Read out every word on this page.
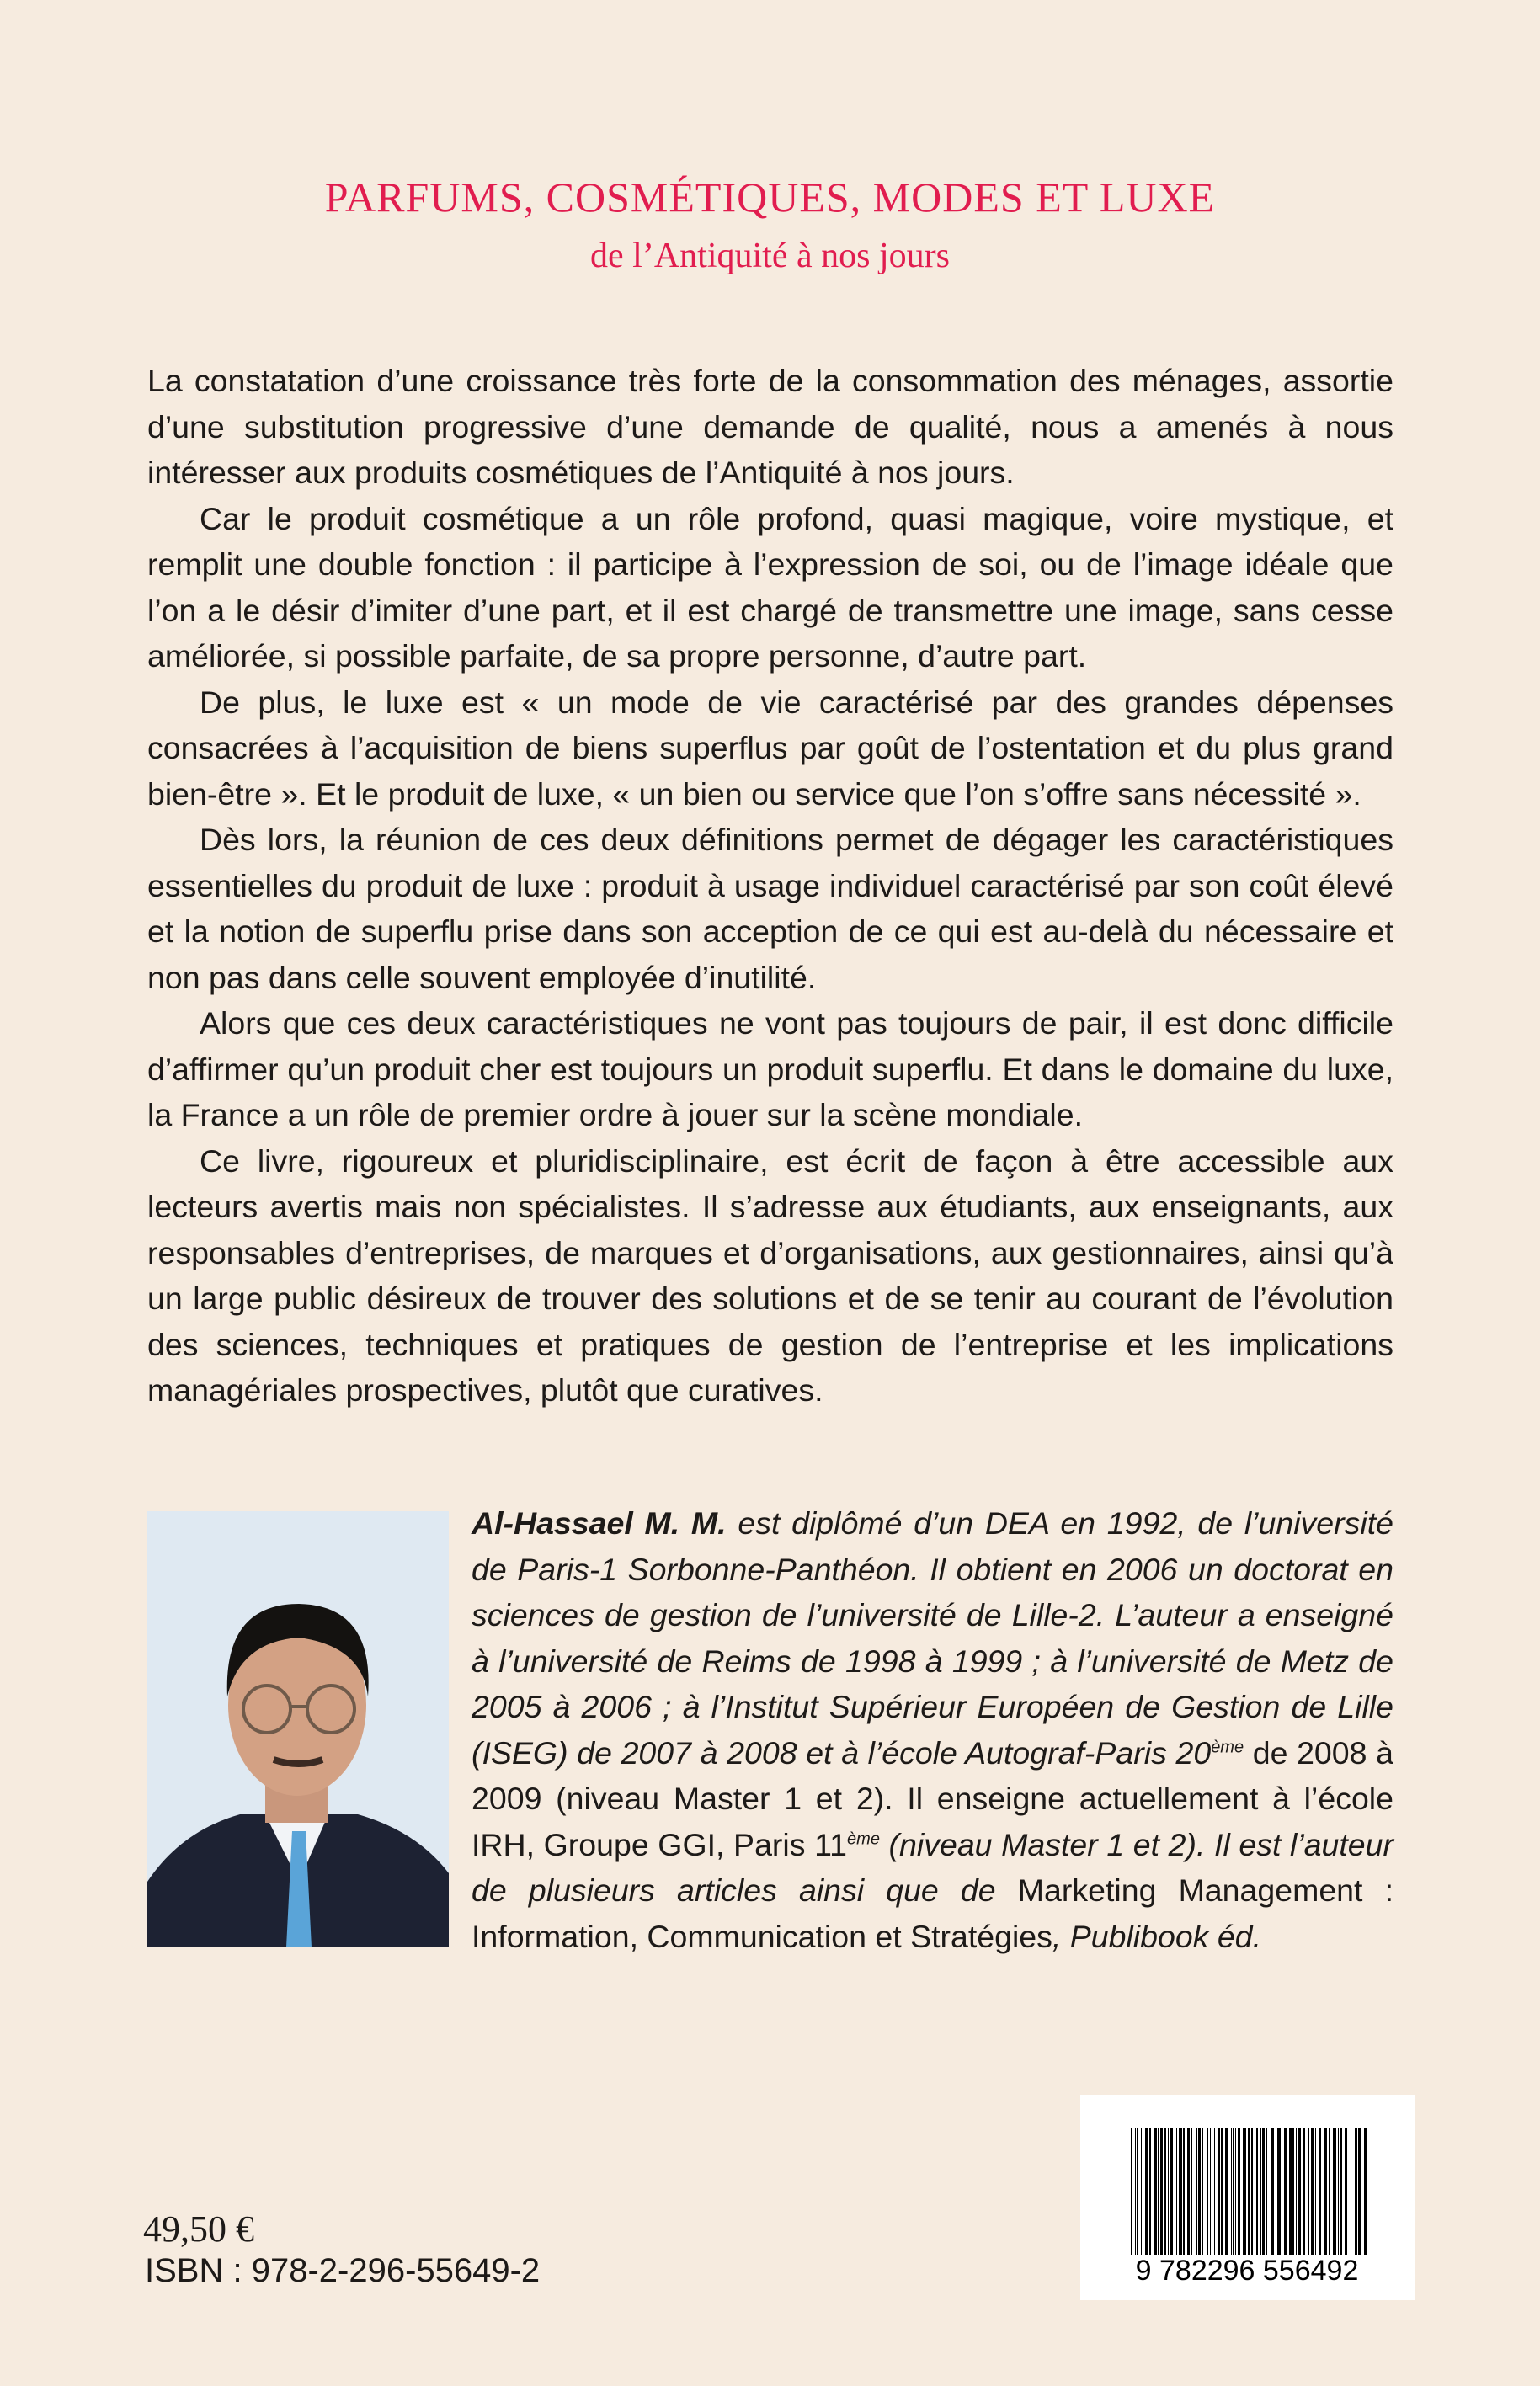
PARFUMS, COSMÉTIQUES, MODES ET LUXE
de l’Antiquité à nos jours

La constatation d’une croissance très forte de la consommation des ménages, assortie d’une substitution progressive d’une demande de qualité, nous a amenés à nous intéresser aux produits cosmétiques de l’Antiquité à nos jours.

Car le produit cosmétique a un rôle profond, quasi magique, voire mystique, et remplit une double fonction : il participe à l’expression de soi, ou de l’image idéale que l’on a le désir d’imiter d’une part, et il est chargé de transmettre une image, sans cesse améliorée, si possible parfaite, de sa propre personne, d’autre part.

De plus, le luxe est « un mode de vie caractérisé par des grandes dépenses consacrées à l’acquisition de biens superflus par goût de l’ostentation et du plus grand bien-être ». Et le produit de luxe, « un bien ou service que l’on s’offre sans nécessité ».

Dès lors, la réunion de ces deux définitions permet de dégager les caractéristiques essentielles du produit de luxe : produit à usage individuel caractérisé par son coût élevé et la notion de superflu prise dans son acception de ce qui est au-delà du nécessaire et non pas dans celle souvent employée d’inutilité.

Alors que ces deux caractéristiques ne vont pas toujours de pair, il est donc difficile d’affirmer qu’un produit cher est toujours un produit superflu. Et dans le domaine du luxe, la France a un rôle de premier ordre à jouer sur la scène mondiale.

Ce livre, rigoureux et pluridisciplinaire, est écrit de façon à être accessible aux lecteurs avertis mais non spécialistes. Il s’adresse aux étudiants, aux enseignants, aux responsables d’entreprises, de marques et d’organisations, aux gestionnaires, ainsi qu’à un large public désireux de trouver des solutions et de se tenir au courant de l’évolution des sciences, techniques et pratiques de gestion de l’entreprise et les implications managériales prospectives, plutôt que curatives.

Al-Hassael M. M. est diplômé d’un DEA en 1992, de l’université de Paris-1 Sorbonne-Panthéon. Il obtient en 2006 un doctorat en sciences de gestion de l’université de Lille-2. L’auteur a enseigné à l’université de Reims de 1998 à 1999 ; à l’université de Metz de 2005 à 2006 ; à l’Institut Supérieur Européen de Gestion de Lille (ISEG) de 2007 à 2008 et à l’école Autograf-Paris 20ème de 2008 à 2009 (niveau Master 1 et 2). Il enseigne actuellement à l’école IRH, Groupe GGI, Paris 11ème (niveau Master 1 et 2). Il est l’auteur de plusieurs articles ainsi que de Marketing Management : Information, Communication et Stratégies, Publibook éd.
49,50 €
ISBN : 978-2-296-55649-2	9 782296 556492
